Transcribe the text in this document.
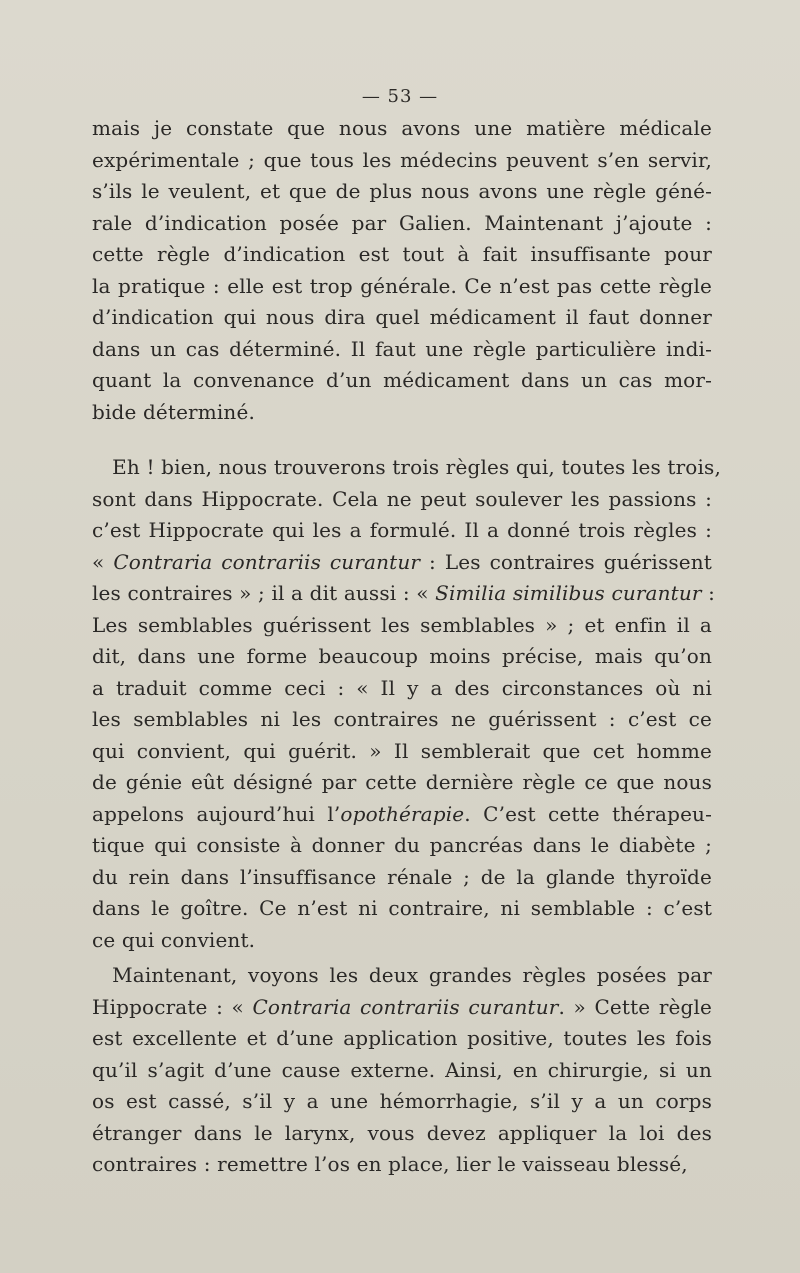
— 53 —
mais je constate que nous avons une matière médicale
expérimentale ; que tous les médecins peuvent s’en servir,
s’ils le veulent, et que de plus nous avons une règle géné-
rale d’indication posée par Galien. Maintenant j’ajoute :
cette règle d’indication est tout à fait insuffisante pour
la pratique : elle est trop générale. Ce n’est pas cette règle
d’indication qui nous dira quel médicament il faut donner
dans un cas déterminé. Il faut une règle particulière indi-
quant la convenance d’un médicament dans un cas mor-
bide déterminé.
 Eh ! bien, nous trouverons trois règles qui, toutes les trois,
sont dans Hippocrate. Cela ne peut soulever les passions :
c’est Hippocrate qui les a formulé. Il a donné trois règles :
« Contraria contrariis curantur : Les contraires guérissent
les contraires » ; il a dit aussi : « Similia similibus curantur :
Les semblables guérissent les semblables » ; et enfin il a
dit, dans une forme beaucoup moins précise, mais qu’on
a traduit comme ceci : « Il y a des circonstances où ni
les semblables ni les contraires ne guérissent : c’est ce
qui convient, qui guérit. » Il semblerait que cet homme
de génie eût désigné par cette dernière règle ce que nous
appelons aujourd’hui l’opothérapie. C’est cette thérapeu-
tique qui consiste à donner du pancréas dans le diabète ;
du rein dans l’insuffisance rénale ; de la glande thyroïde
dans le goître. Ce n’est ni contraire, ni semblable : c’est
ce qui convient.
 Maintenant, voyons les deux grandes règles posées par
Hippocrate : « Contraria contrariis curantur. » Cette règle
est excellente et d’une application positive, toutes les fois
qu’il s’agit d’une cause externe. Ainsi, en chirurgie, si un
os est cassé, s’il y a une hémorrhagie, s’il y a un corps
étranger dans le larynx, vous devez appliquer la loi des
contraires : remettre l’os en place, lier le vaisseau blessé,
